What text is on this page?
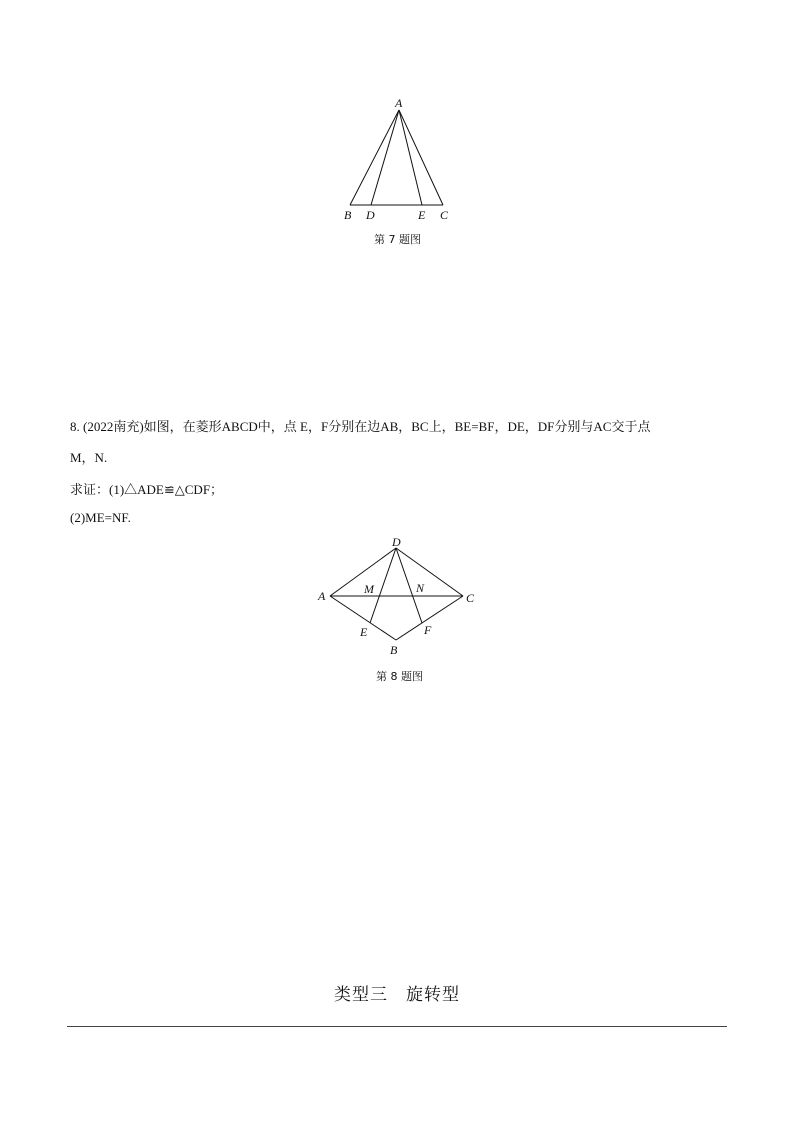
A
B D	E C
第 7 题图
8. (2022南充)如图，在菱形ABCD中，点 E，F分别在边AB，BC上，BE=BF，DE，DF分别与AC交于点
M，N.
求证：(1)△ADE≌△CDF；
(2)ME=NF.
D
A	C
M	N
E	F
B
第 8 题图
类型三　旋转型
